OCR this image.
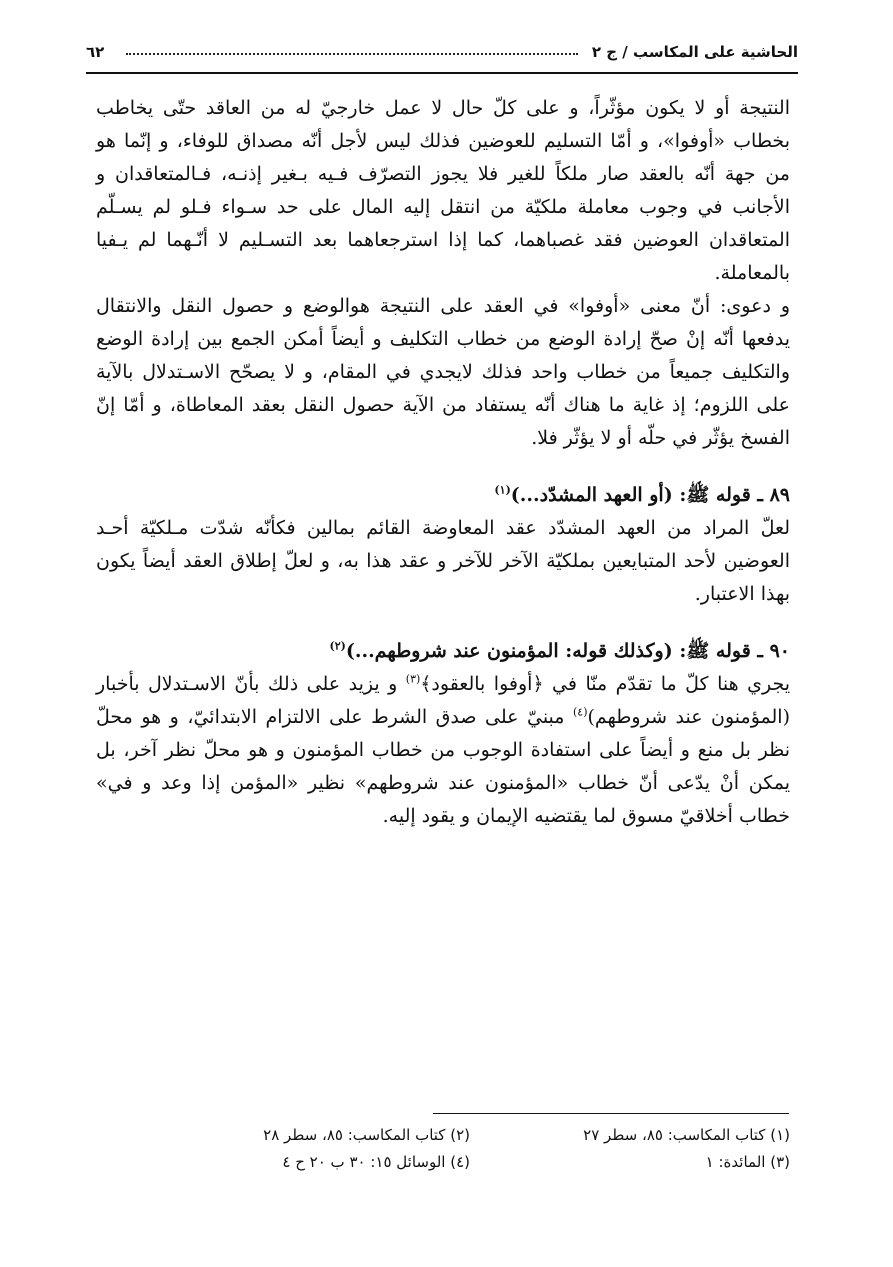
الحاشية على المكاسب / ج ٢
٦٢

النتيجة أو لا يكون مؤثّراً، و على كلّ حال لا عمل خارجيّ له من العاقد حتّى يخاطب بخطاب «أوفوا»، و أمّا التسليم للعوضين فذلك ليس لأجل أنّه مصداق للوفاء، و إنّما هو من جهة أنّه بالعقد صار ملكاً للغير فلا يجوز التصرّف فـيه بـغير إذنـه، فـالمتعاقدان و الأجانب في وجوب معاملة ملكيّة من انتقل إليه المال على حد سـواء فـلو لم يسـلّم المتعاقدان العوضين فقد غصباهما، كما إذا استرجعاهما بعد التسـليم لا أنّـهما لم يـفيا بالمعاملة.

و دعوى: أنّ معنى «أوفوا» في العقد على النتيجة هوالوضع و حصول النقل والانتقال يدفعها أنّه إنْ صحّ إرادة الوضع من خطاب التكليف و أيضاً أمكن الجمع بين إرادة الوضع والتكليف جميعاً من خطاب واحد فذلك لايجدي في المقام، و لا يصحّح الاسـتدلال بالآية على اللزوم؛ إذ غاية ما هناك أنّه يستفاد من الآية حصول النقل بعقد المعاطاة، و أمّا إنّ الفسخ يؤثّر في حلّه أو لا يؤثّر فلا.

٨٩ ـ قوله ﷺ: (أو العهد المشدّد...)$^{(١)}$

لعلّ المراد من العهد المشدّد عقد المعاوضة القائم بمالين فكأنّه شدّت مـلكيّة أحـد العوضين لأحد المتبايعين بملكيّة الآخر للآخر و عقد هذا به، و لعلّ إطلاق العقد أيضاً يكون بهذا الاعتبار.

٩٠ ـ قوله ﷺ: (وكذلك قوله: المؤمنون عند شروطهم...)$^{(٢)}$

يجري هنا كلّ ما تقدّم منّا في ﴿أوفوا بالعقود﴾$^{(٣)}$ و يزيد على ذلك بأنّ الاسـتدلال بأخبار (المؤمنون عند شروطهم)$^{(٤)}$ مبنيّ على صدق الشرط على الالتزام الابتدائيّ، و هو محلّ نظر بل منع و أيضاً على استفادة الوجوب من خطاب المؤمنون و هو محلّ نظر آخر، بل يمكن أنْ يدّعى أنّ خطاب «المؤمنون عند شروطهم» نظير «المؤمن إذا وعد و في» خطاب أخلاقيّ مسوق لما يقتضيه الإيمان و يقود إليه.

(١) كتاب المكاسب: ٨٥، سطر ٢٧
(٢) كتاب المكاسب: ٨٥، سطر ٢٨
(٣) المائدة: ١
(٤) الوسائل ١٥: ٣٠ ب ٢٠ ح ٤
